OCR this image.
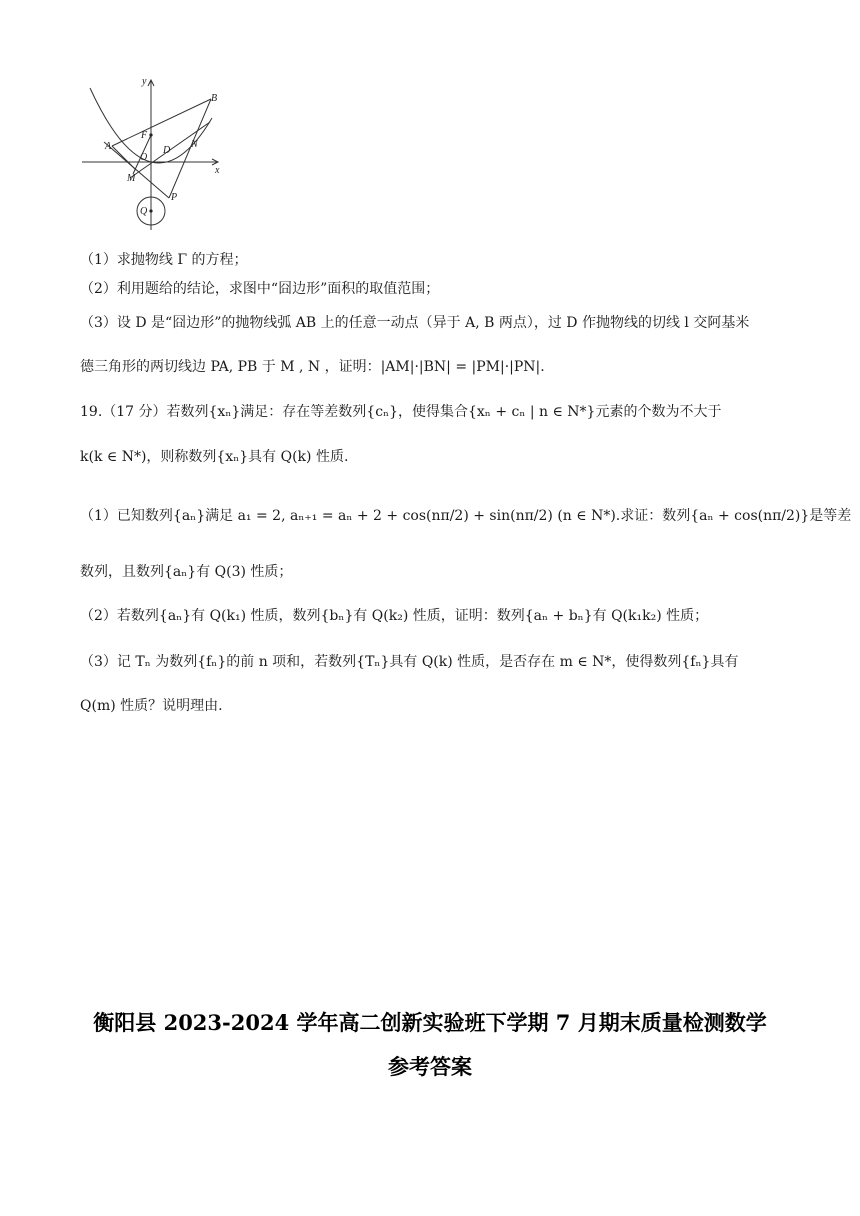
y
x
B
F
A
O
D
N
M
P
Q
（1）求抛物线 Γ 的方程；
（2）利用题给的结论，求图中“囧边形”面积的取值范围；
（3）设 D 是“囧边形”的抛物线弧 AB 上的任意一动点（异于 A, B 两点），过 D 作抛物线的切线 l 交阿基米
德三角形的两切线边 PA, PB 于 M , N ，证明：|AM|·|BN| = |PM|·|PN|.
19.（17 分）若数列{xₙ}满足：存在等差数列{cₙ}，使得集合{xₙ + cₙ | n ∈ N*}元素的个数为不大于
k(k ∈ N*)，则称数列{xₙ}具有 Q(k) 性质.
（1）已知数列{aₙ}满足 a₁ = 2, aₙ₊₁ = aₙ + 2 + cos(nπ/2) + sin(nπ/2) (n ∈ N*).求证：数列{aₙ + cos(nπ/2)}是等差
数列，且数列{aₙ}有 Q(3) 性质；
（2）若数列{aₙ}有 Q(k₁) 性质，数列{bₙ}有 Q(k₂) 性质，证明：数列{aₙ + bₙ}有 Q(k₁k₂) 性质；
（3）记 Tₙ 为数列{fₙ}的前 n 项和，若数列{Tₙ}具有 Q(k) 性质，是否存在 m ∈ N*，使得数列{fₙ}具有
Q(m) 性质？说明理由.
衡阳县 2023-2024 学年高二创新实验班下学期 7 月期末质量检测数学
参考答案
